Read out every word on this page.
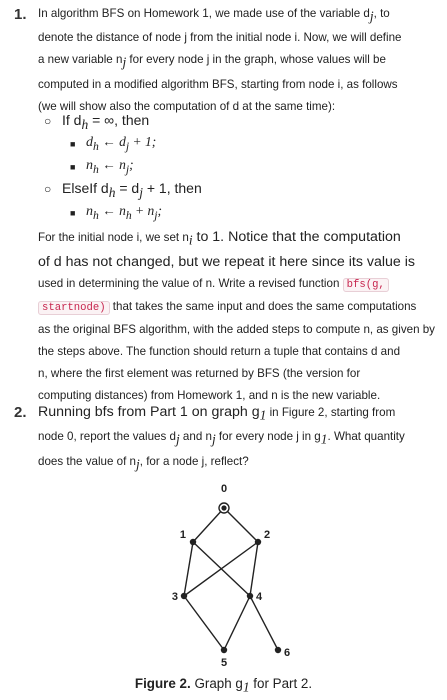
1. In algorithm BFS on Homework 1, we made use of the variable $d_j$, to
denote the distance of node j from the initial node i. Now, we will define
a new variable $n_j$ for every node j in the graph, whose values will be
computed in a modified algorithm BFS, starting from node i, as follows
(we will show also the computation of d at the same time):
○ If $d_h$ = ∞, then
■ $d_h$ ← $d_j + 1$;
■ $n_h$ ← $n_j$;
○ ElseIf $d_h = d_j + 1$, then
■ $n_h$ ← $n_h + n_j$;
For the initial node i, we set $n_i$ to 1. Notice that the computation
of d has not changed, but we repeat it here since its value is
used in determining the value of n. Write a revised function bfs(g,
startnode) that takes the same input and does the same computations
as the original BFS algorithm, with the added steps to compute n, as given by
the steps above. The function should return a tuple that contains d and
n, where the first element was returned by BFS (the version for
computing distances) from Homework 1, and n is the new variable.
2. Running bfs from Part 1 on graph $g_1$ in Figure 2, starting from
node 0, report the values $d_j$ and $n_j$ for every node j in $g_1$. What quantity
does the value of $n_j$, for a node j, reflect?
0
1	2
3	4
5
6
Figure 2. Graph $g_1$ for Part 2.
